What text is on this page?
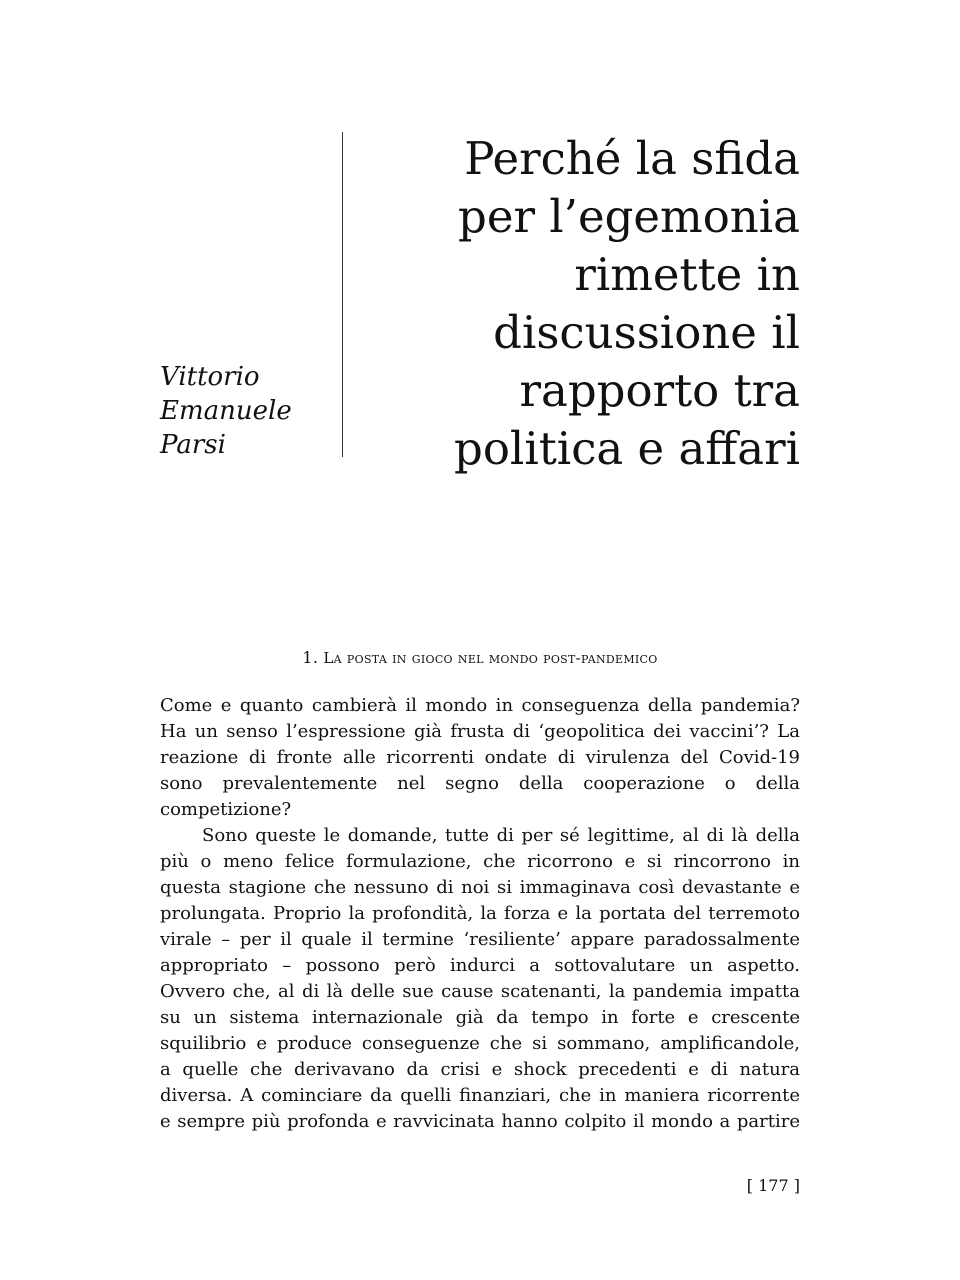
Vittorio
Emanuele
Parsi
Perché la sfida
per l’egemonia
rimette in
discussione il
rapporto tra
politica e affari
1. La posta in gioco nel mondo post-pandemico
Come e quanto cambierà il mondo in conseguenza della pandemia?
Ha un senso l’espressione già frusta di ‘geopolitica dei vaccini’? La
reazione di fronte alle ricorrenti ondate di virulenza del Covid-19
sono prevalentemente nel segno della cooperazione o della
competizione?
Sono queste le domande, tutte di per sé legittime, al di là della
più o meno felice formulazione, che ricorrono e si rincorrono in
questa stagione che nessuno di noi si immaginava così devastante e
prolungata. Proprio la profondità, la forza e la portata del terremoto
virale – per il quale il termine ‘resiliente’ appare paradossalmente
appropriato – possono però indurci a sottovalutare un aspetto.
Ovvero che, al di là delle sue cause scatenanti, la pandemia impatta
su un sistema internazionale già da tempo in forte e crescente
squilibrio e produce conseguenze che si sommano, amplificandole,
a quelle che derivavano da crisi e shock precedenti e di natura
diversa. A cominciare da quelli finanziari, che in maniera ricorrente
e sempre più profonda e ravvicinata hanno colpito il mondo a partire
[ 177 ]
